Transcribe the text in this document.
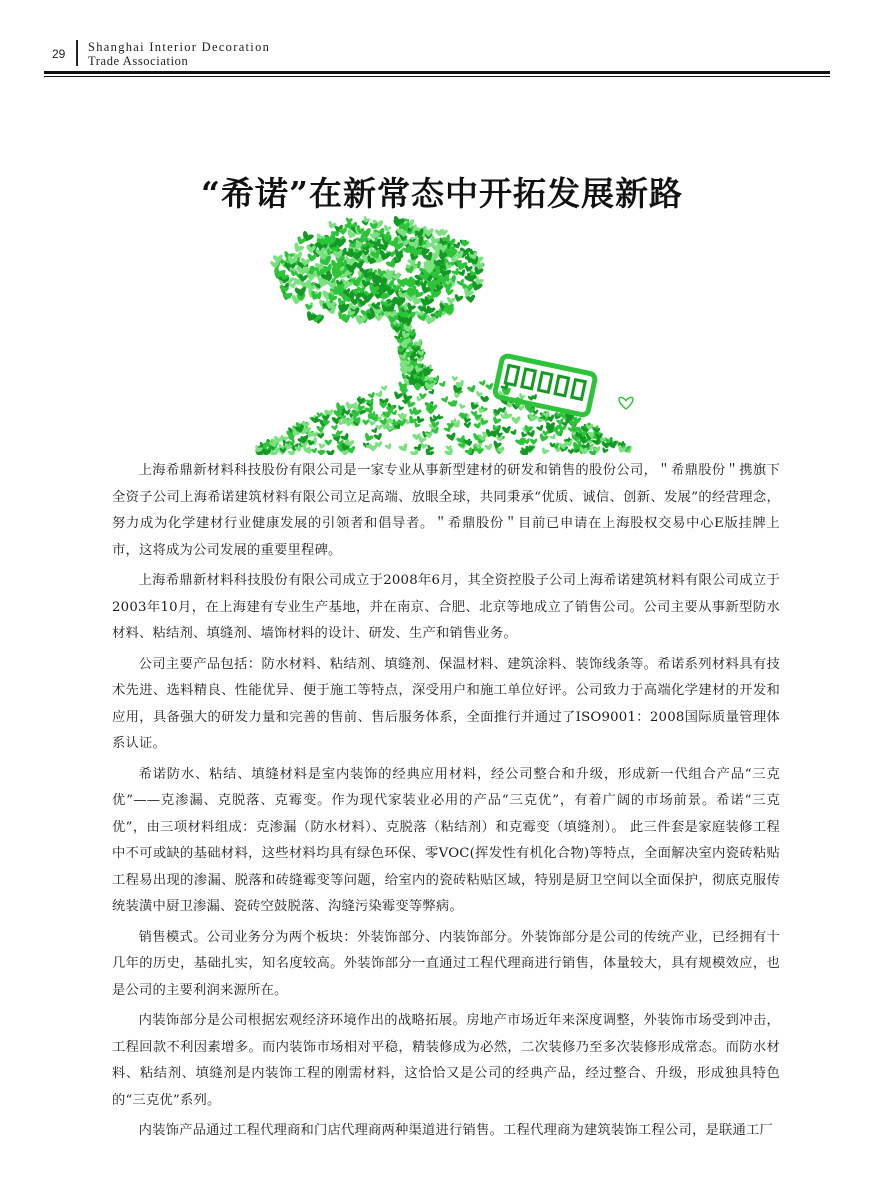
29 Shanghai Interior Decoration
Trade Association
“希诺”在新常态中开拓发展新路

上海希鼎新材料科技股份有限公司是一家专业从事新型建材的研发和销售的股份公司，＂希鼎股份＂携旗下全资子公司上海希诺建筑材料有限公司立足高端、放眼全球，共同秉承“优质、诚信、创新、发展”的经营理念，努力成为化学建材行业健康发展的引领者和倡导者。＂希鼎股份＂目前已申请在上海股权交易中心E版挂牌上市，这将成为公司发展的重要里程碑。

上海希鼎新材料科技股份有限公司成立于2008年6月，其全资控股子公司上海希诺建筑材料有限公司成立于2003年10月，在上海建有专业生产基地，并在南京、合肥、北京等地成立了销售公司。公司主要从事新型防水材料、粘结剂、填缝剂、墙饰材料的设计、研发、生产和销售业务。

公司主要产品包括：防水材料、粘结剂、填缝剂、保温材料、建筑涂料、装饰线条等。希诺系列材料具有技术先进、选料精良、性能优异、便于施工等特点，深受用户和施工单位好评。公司致力于高端化学建材的开发和应用，具备强大的研发力量和完善的售前、售后服务体系，全面推行并通过了ISO9001：2008国际质量管理体系认证。

希诺防水、粘结、填缝材料是室内装饰的经典应用材料，经公司整合和升级，形成新一代组合产品“三克优”——克渗漏、克脱落、克霉变。作为现代家装业必用的产品“三克优”，有着广阔的市场前景。希诺“三克优”，由三项材料组成：克渗漏（防水材料）、克脱落（粘结剂）和克霉变（填缝剂）。 此三件套是家庭装修工程中不可或缺的基础材料，这些材料均具有绿色环保、零VOC(挥发性有机化合物)等特点，全面解决室内瓷砖粘贴工程易出现的渗漏、脱落和砖缝霉变等问题，给室内的瓷砖粘贴区域，特别是厨卫空间以全面保护，彻底克服传统装潢中厨卫渗漏、瓷砖空鼓脱落、沟缝污染霉变等弊病。

销售模式。公司业务分为两个板块：外装饰部分、内装饰部分。外装饰部分是公司的传统产业，已经拥有十几年的历史，基础扎实，知名度较高。外装饰部分一直通过工程代理商进行销售，体量较大，具有规模效应，也是公司的主要利润来源所在。

内装饰部分是公司根据宏观经济环境作出的战略拓展。房地产市场近年来深度调整，外装饰市场受到冲击，工程回款不利因素增多。而内装饰市场相对平稳，精装修成为必然，二次装修乃至多次装修形成常态。而防水材料、粘结剂、填缝剂是内装饰工程的刚需材料，这恰恰又是公司的经典产品，经过整合、升级，形成独具特色的“三克优”系列。

内装饰产品通过工程代理商和门店代理商两种渠道进行销售。工程代理商为建筑装饰工程公司，是联通工厂
